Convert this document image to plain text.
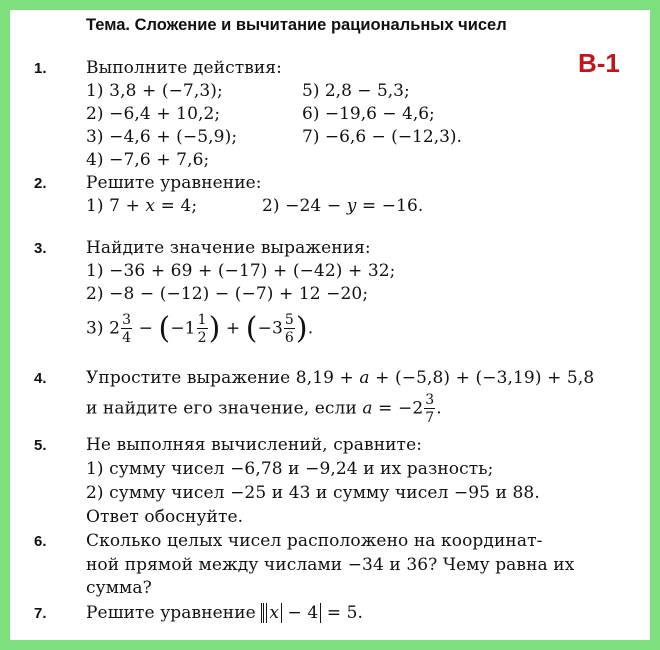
Тема. Сложение и вычитание рациональных чисел
В-1
1. Выполните действия:
1) 3,8 + (−7,3);
2) −6,4 + 10,2;
3) −4,6 + (−5,9);
4) −7,6 + 7,6;
5) 2,8 − 5,3;
6) −19,6 − 4,6;
7) −6,6 − (−12,3).
2. Решите уравнение:
1) 7 + x = 4;	2) −24 − y = −16.
3. Найдите значение выражения:
1) −36 + 69 + (−17) + (−42) + 32;
2) −8 − (−12) − (−7) + 12 −20;
3) $2 \frac{3}{4} - (-1 \frac{1}{2}$ ) + ($-3 \frac{5}{6}$ ).
4. Упростите выражение 8,19 + a + (−5,8) + (−3,19) + 5,8
и найдите его значение, если $a = -2 \frac{3}{7}$ .
5. Не выполняя вычислений, сравните:
1) сумму чисел −6,78 и −9,24 и их разность;
2) сумму чисел −25 и 43 и сумму чисел −95 и 88.
Ответ обоснуйте.
6. Сколько целых чисел расположено на координат-
ной прямой между числами −34 и 36? Чему равна их
сумма?
7. Решите уравнение x − 4 = 5.
